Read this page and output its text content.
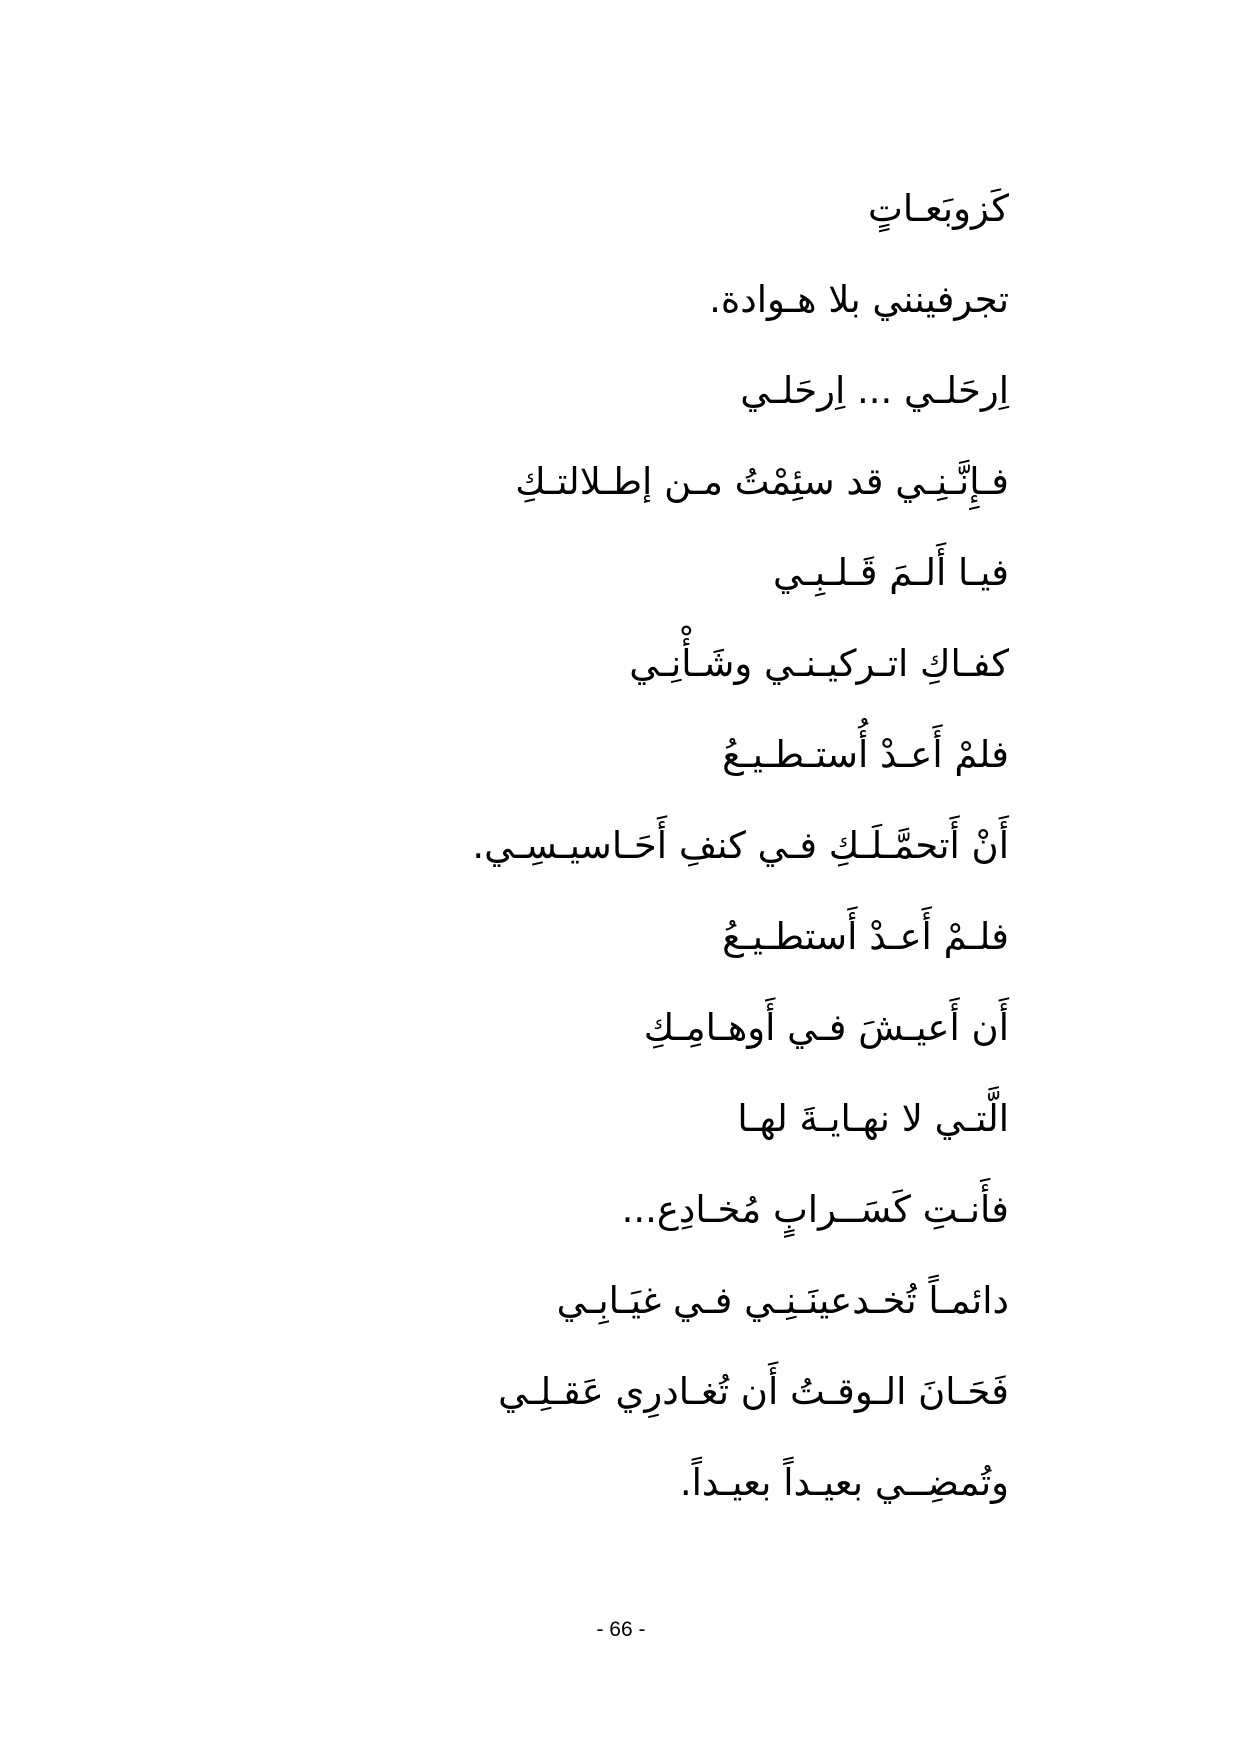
كَزوبَعـاتٍ
تجرفينني بلا هـوادة.
اِرحَلـي ... اِرحَلـي
فـإِنَّـنِـي قد سئِمْتُ مـن إطـلالتـكِ
فيـا أَلـمَ قَـلـبِـي
كفـاكِ اتـركيـنـي وشَـأْنِـي
فلمْ أَعـدْ أُستـطـيـعُ
أَنْ أَتحمَّـلَـكِ فـي كنفِ أَحَـاسيـسِـي.
فلـمْ أَعـدْ أَستطـيـعُ
أَن أَعيـشَ فـي أَوهـامِـكِ
الَّتـي لا نهـايـةَ لهـا
فأَنـتِ كَسَــرابٍ مُخـادِع...
دائمـاً تُخـدعينَـنِـي فـي غيَـابِـي
فَحَـانَ الـوقـتُ أَن تُغـادرِي عَقـلِـي
وتُمضِــي بعيـداً بعيـداً.
- 66 -
